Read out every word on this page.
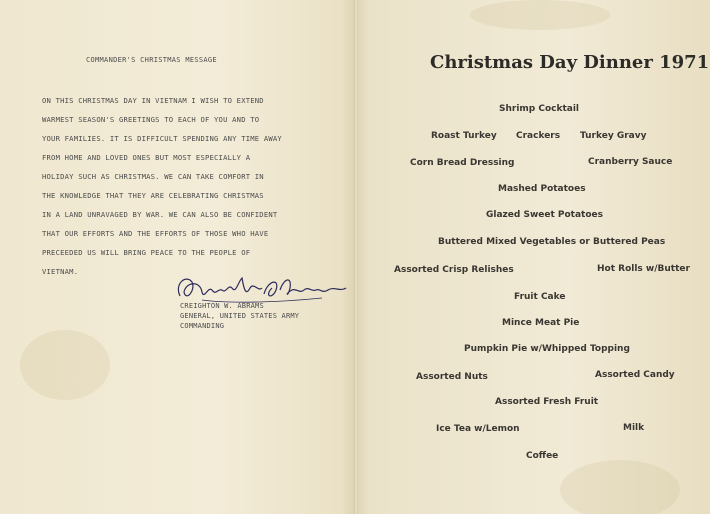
COMMANDER'S CHRISTMAS MESSAGE
ON THIS CHRISTMAS DAY IN VIETNAM I WISH TO EXTEND
WARMEST SEASON'S GREETINGS TO EACH OF YOU AND TO
YOUR FAMILIES. IT IS DIFFICULT SPENDING ANY TIME AWAY
FROM HOME AND LOVED ONES BUT MOST ESPECIALLY A
HOLIDAY SUCH AS CHRISTMAS. WE CAN TAKE COMFORT IN
THE KNOWLEDGE THAT THEY ARE CELEBRATING CHRISTMAS
IN A LAND UNRAVAGED BY WAR. WE CAN ALSO BE CONFIDENT
THAT OUR EFFORTS AND THE EFFORTS OF THOSE WHO HAVE
PRECEEDED US WILL BRING PEACE TO THE PEOPLE OF
VIETNAM.
CREIGHTON W. ABRAMS
GENERAL, UNITED STATES ARMY
COMMANDING
Christmas Day Dinner 1971
Shrimp Cocktail
Roast Turkey Crackers Turkey Gravy
Corn Bread Dressing	Cranberry Sauce
Mashed Potatoes
Glazed Sweet Potatoes
Buttered Mixed Vegetables or Buttered Peas
Assorted Crisp Relishes	Hot Rolls w/Butter
Fruit Cake
Mince Meat Pie
Pumpkin Pie w/Whipped Topping
Assorted Nuts	Assorted Candy
Assorted Fresh Fruit
Ice Tea w/Lemon	Milk
Coffee
